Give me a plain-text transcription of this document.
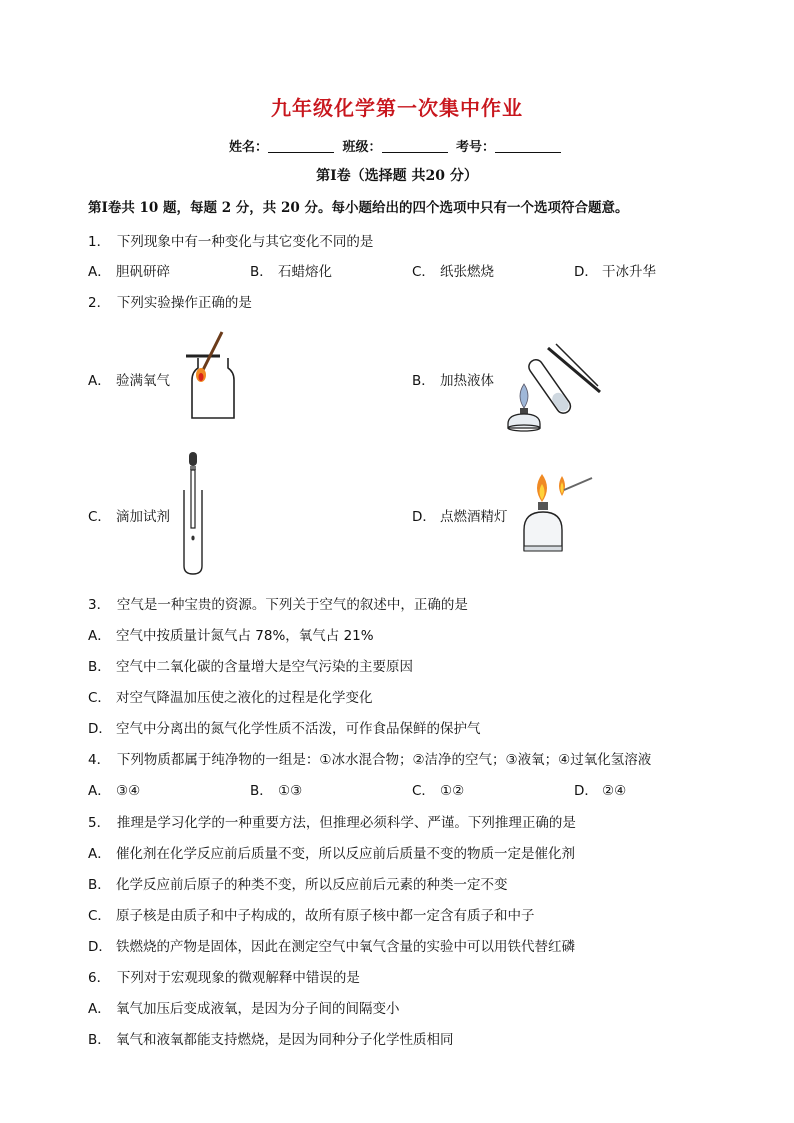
九年级化学第一次集中作业
姓名：	班级：	考号：
第Ⅰ卷（选择题 共20 分）
第Ⅰ卷共 10 题，每题 2 分，共 20 分。每小题给出的四个选项中只有一个选项符合题意。
1．　下列现象中有一种变化与其它变化不同的是
A． 胆矾研碎	B． 石蜡熔化	C． 纸张燃烧	D． 干冰升华
2．　下列实验操作正确的是
A． 验满氧气	B． 加热液体
C． 滴加试剂	D． 点燃酒精灯
3．　空气是一种宝贵的资源。下列关于空气的叙述中，正确的是
A． 空气中按质量计氮气占 78%，氧气占 21%
B． 空气中二氧化碳的含量增大是空气污染的主要原因
C． 对空气降温加压使之液化的过程是化学变化
D． 空气中分离出的氮气化学性质不活泼，可作食品保鲜的保护气
4．　下列物质都属于纯净物的一组是：①冰水混合物；②洁净的空气；③液氧；④过氧化氢溶液
A． ③④	B． ①③	C． ①②	D． ②④
5．　推理是学习化学的一种重要方法，但推理必须科学、严谨。下列推理正确的是
A． 催化剂在化学反应前后质量不变，所以反应前后质量不变的物质一定是催化剂
B． 化学反应前后原子的种类不变，所以反应前后元素的种类一定不变
C． 原子核是由质子和中子构成的，故所有原子核中都一定含有质子和中子
D． 铁燃烧的产物是固体，因此在测定空气中氧气含量的实验中可以用铁代替红磷
6．　下列对于宏观现象的微观解释中错误的是
A． 氧气加压后变成液氧，是因为分子间的间隔变小
B． 氧气和液氧都能支持燃烧，是因为同种分子化学性质相同
